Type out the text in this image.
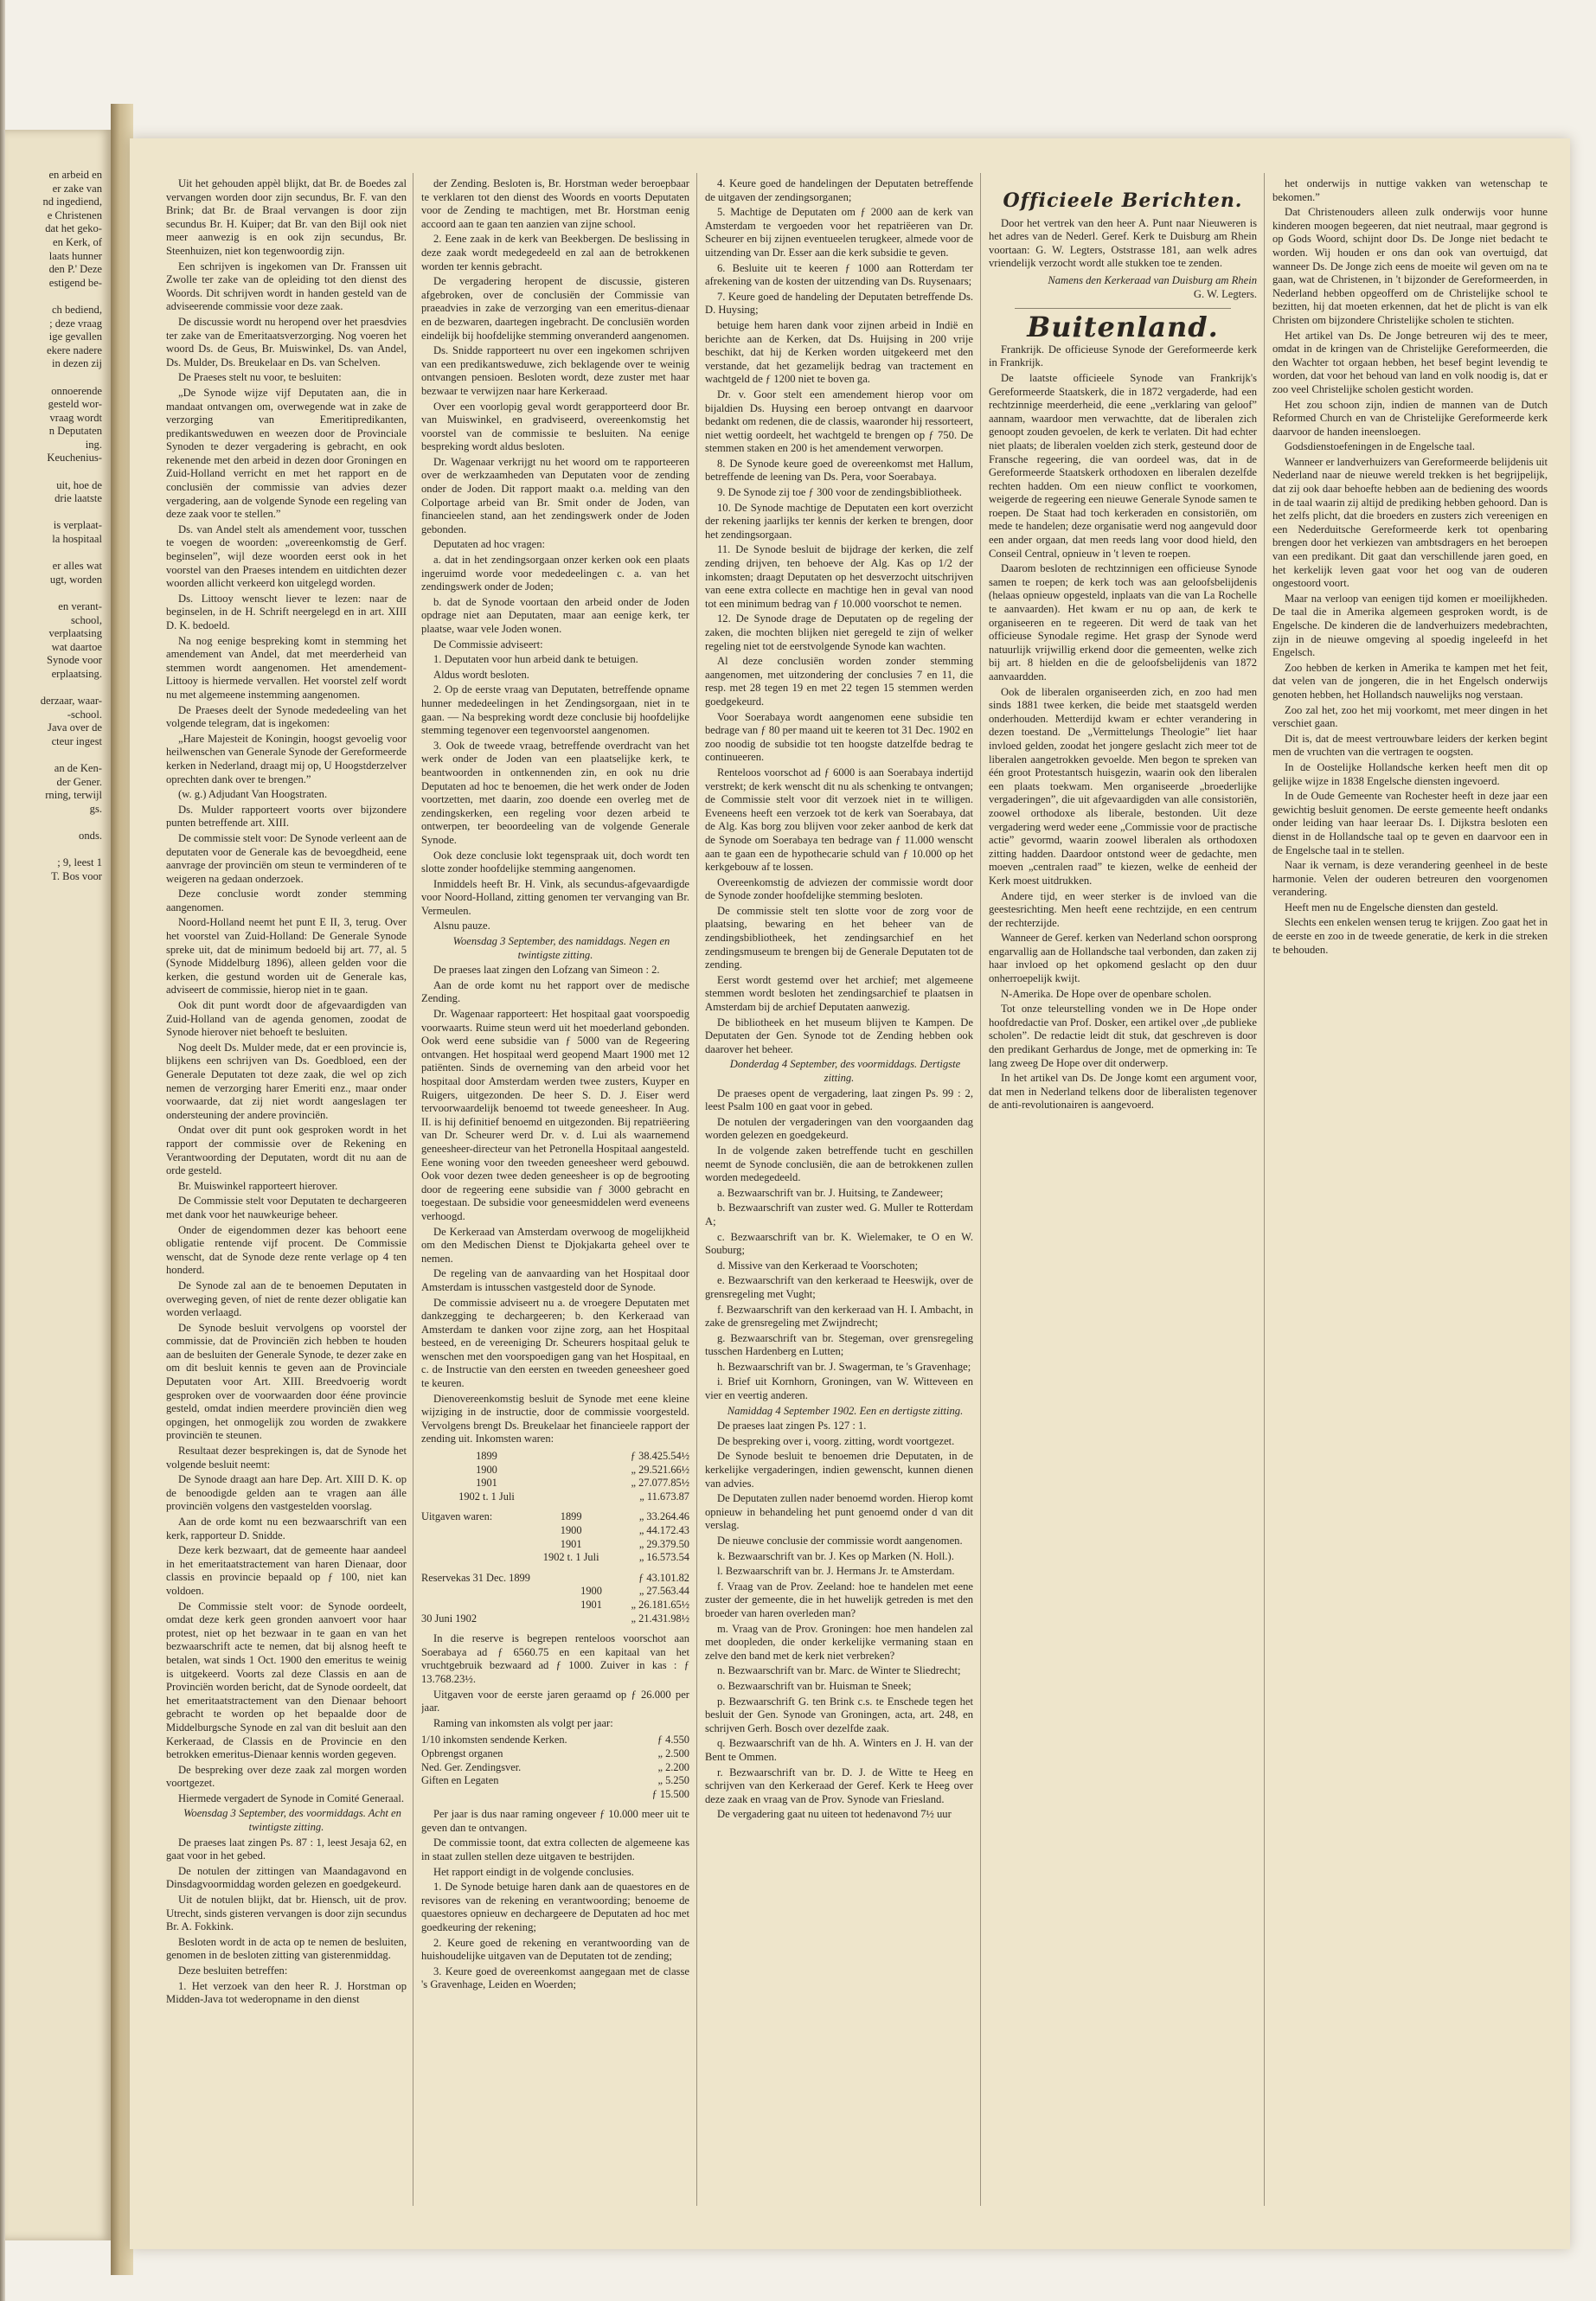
en arbeid en

er zake van

nd ingediend,

e Christenen

dat het geko-

en Kerk, of

laats hunner

den P.' Deze

estigend be-

ch bediend,

; deze vraag

ige gevallen

ekere nadere

in dezen zij

onnoerende

gesteld wor-

vraag wordt

n Deputaten

ing.

Keuchenius-

uit, hoe de

drie laatste

is verplaat-

la hospitaal

er alles wat

ugt, worden

en verant-

school,

verplaatsing

wat daartoe

Synode voor

erplaatsing.

derzaar, waar-

-school.

Java over de

cteur ingest

an de Ken-

der Gener.

rning, terwijl

gs.

onds.

; 9, leest 1

T. Bos voor

Uit het gehouden appèl blijkt, dat Br. de Boedes zal vervangen worden door zijn secundus, Br. F. van den Brink; dat Br. de Braal vervangen is door zijn secundus Br. H. Kuiper; dat Br. van den Bijl ook niet meer aanwezig is en ook zijn secundus, Br. Steenhuizen, niet kon tegenwoordig zijn.

Een schrijven is ingekomen van Dr. Franssen uit Zwolle ter zake van de opleiding tot den dienst des Woords. Dit schrijven wordt in handen gesteld van de adviseerende commissie voor deze zaak.

De discussie wordt nu heropend over het praesdvies ter zake van de Emeritaatsverzorging. Nog voeren het woord Ds. de Geus, Br. Muiswinkel, Ds. van Andel, Ds. Mulder, Ds. Breukelaar en Ds. van Schelven.

De Praeses stelt nu voor, te besluiten:

„De Synode wijze vijf Deputaten aan, die in mandaat ontvangen om, overwegende wat in zake de verzorging van Emeritipredikanten, predikantsweduwen en weezen door de Provinciale Synoden te dezer vergadering is gebracht, en ook rekenende met den arbeid in dezen door Groningen en Zuid-Holland verricht en met het rapport en de conclusiën der commissie van advies dezer vergadering, aan de volgende Synode een regeling van deze zaak voor te stellen.”

Ds. van Andel stelt als amendement voor, tusschen te voegen de woorden: „overeenkomstig de Gerf. beginselen”, wijl deze woorden eerst ook in het voorstel van den Praeses intendem en uitdichten dezer woorden allicht verkeerd kon uitgelegd worden.

Ds. Littooy wenscht liever te lezen: naar de beginselen, in de H. Schrift neergelegd en in art. XIII D. K. bedoeld.

Na nog eenige bespreking komt in stemming het amendement van Andel, dat met meerderheid van stemmen wordt aangenomen. Het amendement-Littooy is hiermede vervallen. Het voorstel zelf wordt nu met algemeene instemming aangenomen.

De Praeses deelt der Synode mededeeling van het volgende telegram, dat is ingekomen:

„Hare Majesteit de Koningin, hoogst gevoelig voor heilwenschen van Generale Synode der Gereformeerde kerken in Nederland, draagt mij op, U Hoogstderzelver oprechten dank over te brengen.”

(w. g.) Adjudant Van Hoogstraten.

Ds. Mulder rapporteert voorts over bijzondere punten betreffende art. XIII.

De commissie stelt voor: De Synode verleent aan de deputaten voor de Generale kas de bevoegdheid, eene aanvrage der provinciën om steun te verminderen of te weigeren na gedaan onderzoek.

Deze conclusie wordt zonder stemming aangenomen.

Noord-Holland neemt het punt E II, 3, terug. Over het voorstel van Zuid-Holland: De Generale Synode spreke uit, dat de minimum bedoeld bij art. 77, al. 5 (Synode Middelburg 1896), alleen gelden voor die kerken, die gestund worden uit de Generale kas, adviseert de commissie, hierop niet in te gaan.

Ook dit punt wordt door de afgevaardigden van Zuid-Holland van de agenda genomen, zoodat de Synode hierover niet behoeft te besluiten.

Nog deelt Ds. Mulder mede, dat er een provincie is, blijkens een schrijven van Ds. Goedbloed, een der Generale Deputaten tot deze zaak, die wel op zich nemen de verzorging harer Emeriti enz., maar onder voorwaarde, dat zij niet wordt aangeslagen ter ondersteuning der andere provinciën.

Ondat over dit punt ook gesproken wordt in het rapport der commissie over de Rekening en Verantwoording der Deputaten, wordt dit nu aan de orde gesteld.

Br. Muiswinkel rapporteert hierover.

De Commissie stelt voor Deputaten te dechargeeren met dank voor het nauwkeurige beheer.

Onder de eigendommen dezer kas behoort eene obligatie rentende vijf procent. De Commissie wenscht, dat de Synode deze rente verlage op 4 ten honderd.

De Synode zal aan de te benoemen Deputaten in overweging geven, of niet de rente dezer obligatie kan worden verlaagd.

De Synode besluit vervolgens op voorstel der commissie, dat de Provinciën zich hebben te houden aan de besluiten der Generale Synode, te dezer zake en om dit besluit kennis te geven aan de Provinciale Deputaten voor Art. XIII. Breedvoerig wordt gesproken over de voorwaarden door ééne provincie gesteld, omdat indien meerdere provinciën dien weg opgingen, het onmogelijk zou worden de zwakkere provinciën te steunen.

Resultaat dezer besprekingen is, dat de Synode het volgende besluit neemt:

De Synode draagt aan hare Dep. Art. XIII D. K. op de benoodigde gelden aan te vragen aan álle provinciën volgens den vastgestelden voorslag.

Aan de orde komt nu een bezwaarschrift van een kerk, rapporteur D. Snidde.

Deze kerk bezwaart, dat de gemeente haar aandeel in het emeritaatstractement van haren Dienaar, door classis en provincie bepaald op ƒ 100, niet kan voldoen.

De Commissie stelt voor: de Synode oordeelt, omdat deze kerk geen gronden aanvoert voor haar protest, niet op het bezwaar in te gaan en van het bezwaarschrift acte te nemen, dat bij alsnog heeft te betalen, wat sinds 1 Oct. 1900 den emeritus te weinig is uitgekeerd. Voorts zal deze Classis en aan de Provinciën worden bericht, dat de Synode oordeelt, dat het emeritaatstractement van den Dienaar behoort gebracht te worden op het bepaalde door de Middelburgsche Synode en zal van dit besluit aan den Kerkeraad, de Classis en de Provincie en den betrokken emeritus-Dienaar kennis worden gegeven.

De bespreking over deze zaak zal morgen worden voortgezet.

Hiermede vergadert de Synode in Comité Generaal.

Woensdag 3 September, des voormiddags. Acht en twintigste zitting.

De praeses laat zingen Ps. 87 : 1, leest Jesaja 62, en gaat voor in het gebed.

De notulen der zittingen van Maandagavond en Dinsdagvoormiddag worden gelezen en goedgekeurd.

Uit de notulen blijkt, dat br. Hiensch, uit de prov. Utrecht, sinds gisteren vervangen is door zijn secundus Br. A. Fokkink.

Besloten wordt in de acta op te nemen de besluiten, genomen in de besloten zitting van gisterenmiddag.

Deze besluiten betreffen:

1. Het verzoek van den heer R. J. Horstman op Midden-Java tot wederopname in den dienst

der Zending. Besloten is, Br. Horstman weder beroepbaar te verklaren tot den dienst des Woords en voorts Deputaten voor de Zending te machtigen, met Br. Horstman eenig accoord aan te gaan ten aanzien van zijne school.

2. Eene zaak in de kerk van Beekbergen. De beslissing in deze zaak wordt medegedeeld en zal aan de betrokkenen worden ter kennis gebracht.

De vergadering heropent de discussie, gisteren afgebroken, over de conclusiën der Commissie van praeadvies in zake de verzorging van een emeritus-dienaar en de bezwaren, daartegen ingebracht. De conclusiën worden eindelijk bij hoofdelijke stemming onveranderd aangenomen.

Ds. Snidde rapporteert nu over een ingekomen schrijven van een predikantsweduwe, zich beklagende over te weinig ontvangen pensioen. Besloten wordt, deze zuster met haar bezwaar te verwijzen naar hare Kerkeraad.

Over een voorlopig geval wordt gerapporteerd door Br. van Muiswinkel, en gradviseerd, overeenkomstig het voorstel van de commissie te besluiten. Na eenige bespreking wordt aldus besloten.

Dr. Wagenaar verkrijgt nu het woord om te rapporteeren over de werkzaamheden van Deputaten voor de zending onder de Joden. Dit rapport maakt o.a. melding van den Colportage arbeid van Br. Smit onder de Joden, van financieelen stand, aan het zendingswerk onder de Joden gebonden.

Deputaten ad hoc vragen:

a. dat in het zendingsorgaan onzer kerken ook een plaats ingeruimd worde voor mededeelingen c. a. van het zendingswerk onder de Joden;

b. dat de Synode voortaan den arbeid onder de Joden opdrage niet aan Deputaten, maar aan eenige kerk, ter plaatse, waar vele Joden wonen.

De Commissie adviseert:

1. Deputaten voor hun arbeid dank te betuigen.

Aldus wordt besloten.

2. Op de eerste vraag van Deputaten, betreffende opname hunner mededeelingen in het Zendingsorgaan, niet in te gaan. — Na bespreking wordt deze conclusie bij hoofdelijke stemming tegenover een tegenvoorstel aangenomen.

3. Ook de tweede vraag, betreffende overdracht van het werk onder de Joden van een plaatselijke kerk, te beantwoorden in ontkennenden zin, en ook nu drie Deputaten ad hoc te benoemen, die het werk onder de Joden voortzetten, met daarin, zoo doende een overleg met de zendingskerken, een regeling voor dezen arbeid te ontwerpen, ter beoordeeling van de volgende Generale Synode.

Ook deze conclusie lokt tegenspraak uit, doch wordt ten slotte zonder hoofdelijke stemming aangenomen.

Inmiddels heeft Br. H. Vink, als secundus-afgevaardigde voor Noord-Holland, zitting genomen ter vervanging van Br. Vermeulen.

Alsnu pauze.

Woensdag 3 September, des namiddags. Negen en twintigste zitting.

De praeses laat zingen den Lofzang van Simeon : 2.

Aan de orde komt nu het rapport over de medische Zending.

Dr. Wagenaar rapporteert: Het hospitaal gaat voorspoedig voorwaarts. Ruime steun werd uit het moederland gebonden. Ook werd eene subsidie van ƒ 5000 van de Regeering ontvangen. Het hospitaal werd geopend Maart 1900 met 12 patiënten. Sinds de overneming van den arbeid voor het hospitaal door Amsterdam werden twee zusters, Kuyper en Ruigers, uitgezonden. De heer S. D. J. Eiser werd tervoorwaardelijk benoemd tot tweede geneesheer. In Aug. II. is hij definitief benoemd en uitgezonden. Bij repatriëering van Dr. Scheurer werd Dr. v. d. Lui als waarnemend geneesheer-directeur van het Petronella Hospitaal aangesteld. Eene woning voor den tweeden geneesheer werd gebouwd. Ook voor dezen twee deden geneesheer is op de begrooting door de regeering eene subsidie van ƒ 3000 gebracht en toegestaan. De subsidie voor geneesmiddelen werd eveneens verhoogd.

De Kerkeraad van Amsterdam overwoog de mogelijkheid om den Medischen Dienst te Djokjakarta geheel over te nemen.

De regeling van de aanvaarding van het Hospitaal door Amsterdam is intusschen vastgesteld door de Synode.

De commissie adviseert nu a. de vroegere Deputaten met dankzegging te dechargeeren; b. den Kerkeraad van Amsterdam te danken voor zijne zorg, aan het Hospitaal besteed, en de vereeniging Dr. Scheurers hospitaal geluk te wenschen met den voorspoedigen gang van het Hospitaal, en c. de Instructie van den eersten en tweeden geneesheer goed te keuren.

Dienovereenkomstig besluit de Synode met eene kleine wijziging in de instructie, door de commissie voorgesteld. Vervolgens brengt Ds. Breukelaar het financieele rapport der zending uit. Inkomsten waren:

	1899	ƒ 38.425.54½
	1900	„ 29.521.66½
	1901	„ 27.077.85½
	1902 t. 1 Juli	„ 11.673.87
Uitgaven waren:	1899	„ 33.264.46
	1900	„ 44.172.43
	1901	„ 29.379.50
	1902 t. 1 Juli	„ 16.573.54
Reservekas 31 Dec. 1899		ƒ 43.101.82
	1900	„ 27.563.44
	1901	„ 26.181.65½
30 Juni 1902		„ 21.431.98½

In die reserve is begrepen renteloos voorschot aan Soerabaya ad ƒ 6560.75 en een kapitaal van het vruchtgebruik bezwaard ad ƒ 1000. Zuiver in kas : ƒ 13.768.23½.

Uitgaven voor de eerste jaren geraamd op ƒ 26.000 per jaar.

Raming van inkomsten als volgt per jaar:

1/10 inkomsten sendende Kerken.	ƒ 4.550
Opbrengst organen	„ 2.500
Ned. Ger. Zendingsver.	„ 2.200
Giften en Legaten	„ 5.250
	ƒ 15.500

Per jaar is dus naar raming ongeveer ƒ 10.000 meer uit te geven dan te ontvangen.

De commissie toont, dat extra collecten de algemeene kas in staat zullen stellen deze uitgaven te bestrijden.

Het rapport eindigt in de volgende conclusies.

1. De Synode betuige haren dank aan de quaestores en de revisores van de rekening en verantwoording; benoeme de quaestores opnieuw en dechargeere de Deputaten ad hoc met goedkeuring der rekening;

2. Keure goed de rekening en verantwoording van de huishoudelijke uitgaven van de Deputaten tot de zending;

3. Keure goed de overeenkomst aangegaan met de classe 's Gravenhage, Leiden en Woerden;

4. Keure goed de handelingen der Deputaten betreffende de uitgaven der zendingsorganen;

5. Machtige de Deputaten om ƒ 2000 aan de kerk van Amsterdam te vergoeden voor het repatriëeren van Dr. Scheurer en bij zijnen eventueelen terugkeer, almede voor de uitzending van Dr. Esser aan die kerk subsidie te geven.

6. Besluite uit te keeren ƒ 1000 aan Rotterdam ter afrekening van de kosten der uitzending van Ds. Ruysenaars;

7. Keure goed de handeling der Deputaten betreffende Ds. D. Huysing;

betuige hem haren dank voor zijnen arbeid in Indië en berichte aan de Kerken, dat Ds. Huijsing in 200 vrije beschikt, dat hij de Kerken worden uitgekeerd met den verstande, dat het gezamelijk bedrag van tractement en wachtgeld de ƒ 1200 niet te boven ga.

Dr. v. Goor stelt een amendement hierop voor om bijaldien Ds. Huysing een beroep ontvangt en daarvoor bedankt om redenen, die de classis, waaronder hij ressorteert, niet wettig oordeelt, het wachtgeld te brengen op ƒ 750. De stemmen staken en 200 is het amendement verworpen.

8. De Synode keure goed de overeenkomst met Hallum, betreffende de leening van Ds. Pera, voor Soerabaya.

9. De Synode zij toe ƒ 300 voor de zendingsbibliotheek.

10. De Synode machtige de Deputaten een kort overzicht der rekening jaarlijks ter kennis der kerken te brengen, door het zendingsorgaan.

11. De Synode besluit de bijdrage der kerken, die zelf zending drijven, ten behoeve der Alg. Kas op 1/2 der inkomsten; draagt Deputaten op het desverzocht uitschrijven van eene extra collecte en machtige hen in geval van nood tot een minimum bedrag van ƒ 10.000 voorschot te nemen.

12. De Synode drage de Deputaten op de regeling der zaken, die mochten blijken niet geregeld te zijn of welker regeling niet tot de eerstvolgende Synode kan wachten.

Al deze conclusiën worden zonder stemming aangenomen, met uitzondering der conclusies 7 en 11, die resp. met 28 tegen 19 en met 22 tegen 15 stemmen werden goedgekeurd.

Voor Soerabaya wordt aangenomen eene subsidie ten bedrage van ƒ 80 per maand uit te keeren tot 31 Dec. 1902 en zoo noodig de subsidie tot ten hoogste datzelfde bedrag te continueeren.

Renteloos voorschot ad ƒ 6000 is aan Soerabaya indertijd verstrekt; de kerk wenscht dit nu als schenking te ontvangen; de Commissie stelt voor dit verzoek niet in te willigen. Eveneens heeft een verzoek tot de kerk van Soerabaya, dat de Alg. Kas borg zou blijven voor zeker aanbod de kerk dat de Synode om Soerabaya ten bedrage van ƒ 11.000 wenscht aan te gaan een de hypothecarie schuld van ƒ 10.000 op het kerkgebouw af te lossen.

Overeenkomstig de adviezen der commissie wordt door de Synode zonder hoofdelijke stemming besloten.

De commissie stelt ten slotte voor de zorg voor de plaatsing, bewaring en het beheer van de zendingsbibliotheek, het zendingsarchief en het zendingsmuseum te brengen bij de Generale Deputaten tot de zending.

Eerst wordt gestemd over het archief; met algemeene stemmen wordt besloten het zendingsarchief te plaatsen in Amsterdam bij de archief Deputaten aanwezig.

De bibliotheek en het museum blijven te Kampen. De Deputaten der Gen. Synode tot de Zending hebben ook daarover het beheer.

Donderdag 4 September, des voormiddags. Dertigste zitting.

De praeses opent de vergadering, laat zingen Ps. 99 : 2, leest Psalm 100 en gaat voor in gebed.

De notulen der vergaderingen van den voorgaanden dag worden gelezen en goedgekeurd.

In de volgende zaken betreffende tucht en geschillen neemt de Synode conclusiën, die aan de betrokkenen zullen worden medegedeeld.

a. Bezwaarschrift van br. J. Huitsing, te Zandeweer;

b. Bezwaarschrift van zuster wed. G. Muller te Rotterdam A;

c. Bezwaarschrift van br. K. Wielemaker, te O en W. Souburg;

d. Missive van den Kerkeraad te Voorschoten;

e. Bezwaarschrift van den kerkeraad te Heeswijk, over de grensregeling met Vught;

f. Bezwaarschrift van den kerkeraad van H. I. Ambacht, in zake de grensregeling met Zwijndrecht;

g. Bezwaarschrift van br. Stegeman, over grensregeling tusschen Hardenberg en Lutten;

h. Bezwaarschrift van br. J. Swagerman, te 's Gravenhage;

i. Brief uit Kornhorn, Groningen, van W. Witteveen en vier en veertig anderen.

Namiddag 4 September 1902. Een en dertigste zitting.

De praeses laat zingen Ps. 127 : 1.

De bespreking over i, voorg. zitting, wordt voortgezet.

De Synode besluit te benoemen drie Deputaten, in de kerkelijke vergaderingen, indien gewenscht, kunnen dienen van advies.

De Deputaten zullen nader benoemd worden. Hierop komt opnieuw in behandeling het punt genoemd onder d van dit verslag.

De nieuwe conclusie der commissie wordt aangenomen.

k. Bezwaarschrift van br. J. Kes op Marken (N. Holl.).

l. Bezwaarschrift van br. J. Hermans Jr. te Amsterdam.

f. Vraag van de Prov. Zeeland: hoe te handelen met eene zuster der gemeente, die in het huwelijk getreden is met den broeder van haren overleden man?

m. Vraag van de Prov. Groningen: hoe men handelen zal met doopleden, die onder kerkelijke vermaning staan en zelve den band met de kerk niet verbreken?

n. Bezwaarschrift van br. Marc. de Winter te Sliedrecht;

o. Bezwaarschrift van br. Huisman te Sneek;

p. Bezwaarschrift G. ten Brink c.s. te Enschede tegen het besluit der Gen. Synode van Groningen, acta, art. 248, en schrijven Gerh. Bosch over dezelfde zaak.

q. Bezwaarschrift van de hh. A. Winters en J. H. van der Bent te Ommen.

r. Bezwaarschrift van br. D. J. de Witte te Heeg en schrijven van den Kerkeraad der Geref. Kerk te Heeg over deze zaak en vraag van de Prov. Synode van Friesland.

De vergadering gaat nu uiteen tot hedenavond 7½ uur

Officieele Berichten.

Door het vertrek van den heer A. Punt naar Nieuweren is het adres van de Nederl. Geref. Kerk te Duisburg am Rhein voortaan: G. W. Legters, Oststrasse 181, aan welk adres vriendelijk verzocht wordt alle stukken toe te zenden.

Namens den Kerkeraad van Duisburg am Rhein
G. W. Legters.
Buitenland.

Frankrijk. De officieuse Synode der Gereformeerde kerk in Frankrijk.

De laatste officieele Synode van Frankrijk's Gereformeerde Staatskerk, die in 1872 vergaderde, had een rechtzinnige meerderheid, die eene „verklaring van geloof” aannam, waardoor men verwachtte, dat de liberalen zich genoopt zouden gevoelen, de kerk te verlaten. Dit had echter niet plaats; de liberalen voelden zich sterk, gesteund door de Fransche regeering, die van oordeel was, dat in de Gereformeerde Staatskerk orthodoxen en liberalen dezelfde rechten hadden. Om een nieuw conflict te voorkomen, weigerde de regeering een nieuwe Generale Synode samen te roepen. De Staat had toch kerkeraden en consistoriën, om mede te handelen; deze organisatie werd nog aangevuld door een ander orgaan, dat men reeds lang voor dood hield, den Conseil Central, opnieuw in 't leven te roepen.

Daarom besloten de rechtzinnigen een officieuse Synode samen te roepen; de kerk toch was aan geloofsbelijdenis (helaas opnieuw opgesteld, inplaats van die van La Rochelle te aanvaarden). Het kwam er nu op aan, de kerk te organiseeren en te regeeren. Dit werd de taak van het officieuse Synodale regime. Het grasp der Synode werd natuurlijk vrijwillig erkend door die gemeenten, welke zich bij art. 8 hielden en die de geloofsbelijdenis van 1872 aanvaardden.

Ook de liberalen organiseerden zich, en zoo had men sinds 1881 twee kerken, die beide met staatsgeld werden onderhouden. Metterdijd kwam er echter verandering in dezen toestand. De „Vermittelungs Theologie” liet haar invloed gelden, zoodat het jongere geslacht zich meer tot de liberalen aangetrokken gevoelde. Men begon te spreken van één groot Protestantsch huisgezin, waarin ook den liberalen een plaats toekwam. Men organiseerde „broederlijke vergaderingen”, die uit afgevaardigden van alle consistoriën, zoowel orthodoxe als liberale, bestonden. Uit deze vergadering werd weder eene „Commissie voor de practische actie” gevormd, waarin zoowel liberalen als orthodoxen zitting hadden. Daardoor ontstond weer de gedachte, men moeven „centralen raad” te kiezen, welke de eenheid der Kerk moest uitdrukken.

Andere tijd, en weer sterker is de invloed van die geestesrichting. Men heeft eene rechtzijde, en een centrum der rechterzijde.

Wanneer de Geref. kerken van Nederland schon oorsprong engarvallig aan de Hollandsche taal verbonden, dan zaken zij haar invloed op het opkomend geslacht op den duur onherroepelijk kwijt.

N-Amerika. De Hope over de openbare scholen.

Tot onze teleurstelling vonden we in De Hope onder hoofdredactie van Prof. Dosker, een artikel over „de publieke scholen”. De redactie leidt dit stuk, dat geschreven is door den predikant Gerhardus de Jonge, met de opmerking in: Te lang zweeg De Hope over dit onderwerp.

In het artikel van Ds. De Jonge komt een argument voor, dat men in Nederland telkens door de liberalisten tegenover de anti-revolutionairen is aangevoerd.

het onderwijs in nuttige vakken van wetenschap te bekomen.”

Dat Christenouders alleen zulk onderwijs voor hunne kinderen moogen begeeren, dat niet neutraal, maar gegrond is op Gods Woord, schijnt door Ds. De Jonge niet bedacht te worden. Wij houden er ons dan ook van overtuigd, dat wanneer Ds. De Jonge zich eens de moeite wil geven om na te gaan, wat de Christenen, in 't bijzonder de Gereformeerden, in Nederland hebben opgeofferd om de Christelijke school te bezitten, hij dat moeten erkennen, dat het de plicht is van elk Christen om bijzondere Christelijke scholen te stichten.

Het artikel van Ds. De Jonge betreuren wij des te meer, omdat in de kringen van de Christelijke Gereformeerden, die den Wachter tot orgaan hebben, het besef begint levendig te worden, dat voor het behoud van land en volk noodig is, dat er zoo veel Christelijke scholen gesticht worden.

Het zou schoon zijn, indien de mannen van de Dutch Reformed Church en van de Christelijke Gereformeerde kerk daarvoor de handen ineensloegen.

Godsdienstoefeningen in de Engelsche taal.

Wanneer er landverhuizers van Gereformeerde belijdenis uit Nederland naar de nieuwe wereld trekken is het begrijpelijk, dat zij ook daar behoefte hebben aan de bediening des woords in de taal waarin zij altijd de prediking hebben gehoord. Dan is het zelfs plicht, dat die broeders en zusters zich vereenigen en een Nederduitsche Gereformeerde kerk tot openbaring brengen door het verkiezen van ambtsdragers en het beroepen van een predikant. Dit gaat dan verschillende jaren goed, en het kerkelijk leven gaat voor het oog van de ouderen ongestoord voort.

Maar na verloop van eenigen tijd komen er moeilijkheden. De taal die in Amerika algemeen gesproken wordt, is de Engelsche. De kinderen die de landverhuizers medebrachten, zijn in de nieuwe omgeving al spoedig ingeleefd in het Engelsch.

Zoo hebben de kerken in Amerika te kampen met het feit, dat velen van de jongeren, die in het Engelsch onderwijs genoten hebben, het Hollandsch nauwelijks nog verstaan.

Zoo zal het, zoo het mij voorkomt, met meer dingen in het verschiet gaan.

Dit is, dat de meest vertrouwbare leiders der kerken begint men de vruchten van die vertragen te oogsten.

In de Oostelijke Hollandsche kerken heeft men dit op gelijke wijze in 1838 Engelsche diensten ingevoerd.

In de Oude Gemeente van Rochester heeft in deze jaar een gewichtig besluit genomen. De eerste gemeente heeft ondanks onder leiding van haar leeraar Ds. I. Dijkstra besloten een dienst in de Hollandsche taal op te geven en daarvoor een in de Engelsche taal in te stellen.

Naar ik vernam, is deze verandering geenheel in de beste harmonie. Velen der ouderen betreuren den voorgenomen verandering.

Heeft men nu de Engelsche diensten dan gesteld.

Slechts een enkelen wensen terug te krijgen. Zoo gaat het in de eerste en zoo in de tweede generatie, de kerk in die streken te behouden.
